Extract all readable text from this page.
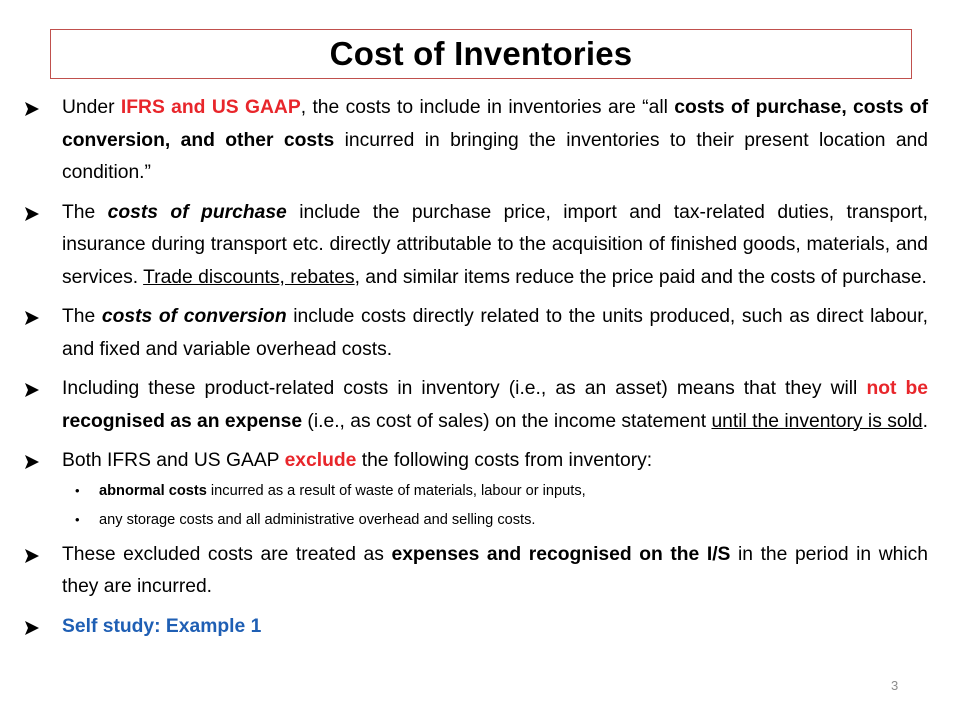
Cost of Inventories
Under IFRS and US GAAP, the costs to include in inventories are “all costs of purchase, costs of conversion, and other costs incurred in bringing the inventories to their present location and condition.”
The costs of purchase include the purchase price, import and tax-related duties, transport, insurance during transport etc. directly attributable to the acquisition of finished goods, materials, and services. Trade discounts, rebates, and similar items reduce the price paid and the costs of purchase.
The costs of conversion include costs directly related to the units produced, such as direct labour, and fixed and variable overhead costs.
Including these product-related costs in inventory (i.e., as an asset) means that they will not be recognised as an expense (i.e., as cost of sales) on the income statement until the inventory is sold.
Both IFRS and US GAAP exclude the following costs from inventory:
• abnormal costs incurred as a result of waste of materials, labour or inputs,
• any storage costs and all administrative overhead and selling costs.
These excluded costs are treated as expenses and recognised on the I/S in the period in which they are incurred.
Self study: Example 1
3
